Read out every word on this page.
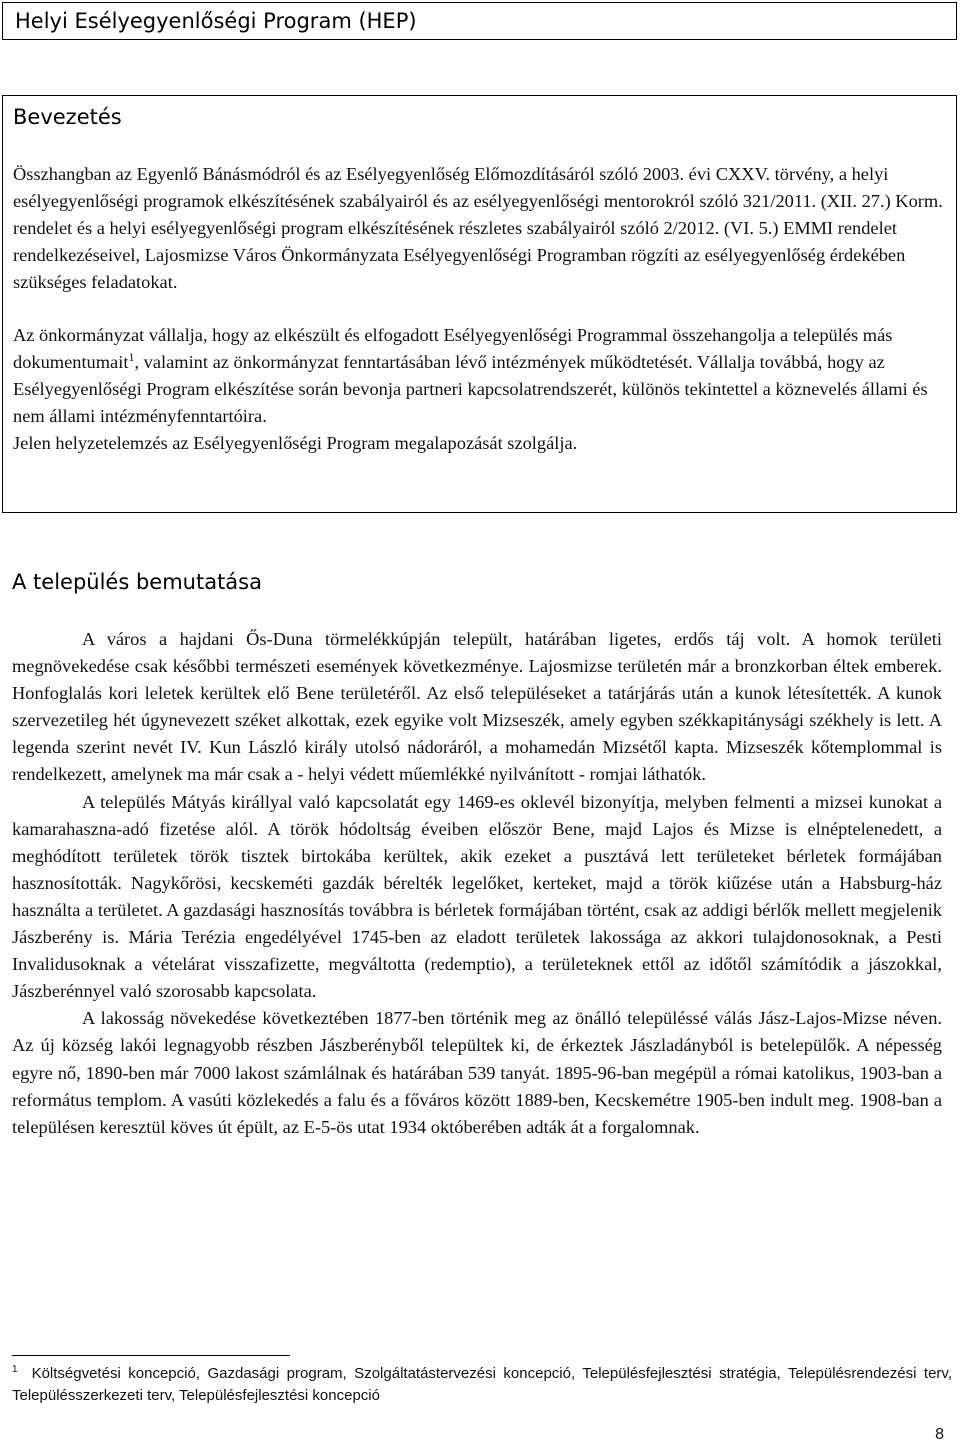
Helyi Esélyegyenlőségi Program (HEP)
Bevezetés

Összhangban az Egyenlő Bánásmódról és az Esélyegyenlőség Előmozdításáról szóló 2003. évi CXXV. törvény, a helyi esélyegyenlőségi programok elkészítésének szabályairól és az esélyegyenlőségi mentorokról szóló 321/2011. (XII. 27.) Korm. rendelet és a helyi esélyegyenlőségi program elkészítésének részletes szabályairól szóló 2/2012. (VI. 5.) EMMI rendelet rendelkezéseivel, Lajosmizse Város Önkormányzata Esélyegyenlőségi Programban rögzíti az esélyegyenlőség érdekében szükséges feladatokat.

Az önkormányzat vállalja, hogy az elkészült és elfogadott Esélyegyenlőségi Programmal összehangolja a település más dokumentumait$^1$, valamint az önkormányzat fenntartásában lévő intézmények működtetését. Vállalja továbbá, hogy az Esélyegyenlőségi Program elkészítése során bevonja partneri kapcsolatrendszerét, különös tekintettel a köznevelés állami és nem állami intézményfenntartóira.

Jelen helyzetelemzés az Esélyegyenlőségi Program megalapozását szolgálja.

A település bemutatása

A város a hajdani Ős-Duna törmelékkúpján települt, határában ligetes, erdős táj volt. A homok területi megnövekedése csak későbbi természeti események következménye. Lajosmizse területén már a bronzkorban éltek emberek. Honfoglalás kori leletek kerültek elő Bene területéről. Az első településeket a tatárjárás után a kunok létesítették. A kunok szervezetileg hét úgynevezett széket alkottak, ezek egyike volt Mizseszék, amely egyben székkapitánysági székhely is lett. A legenda szerint nevét IV. Kun László király utolsó nádoráról, a mohamedán Mizsétől kapta. Mizseszék kőtemplommal is rendelkezett, amelynek ma már csak a - helyi védett műemlékké nyilvánított - romjai láthatók.

A település Mátyás királlyal való kapcsolatát egy 1469-es oklevél bizonyítja, melyben felmenti a mizsei kunokat a kamarahaszna-adó fizetése alól. A török hódoltság éveiben először Bene, majd Lajos és Mizse is elnéptelenedett, a meghódított területek török tisztek birtokába kerültek, akik ezeket a pusztává lett területeket bérletek formájában hasznosították. Nagykőrösi, kecskeméti gazdák bérelték legelőket, kerteket, majd a török kiűzése után a Habsburg-ház használta a területet. A gazdasági hasznosítás továbbra is bérletek formájában történt, csak az addigi bérlők mellett megjelenik Jászberény is. Mária Terézia engedélyével 1745-ben az eladott területek lakossága az akkori tulajdonosoknak, a Pesti Invalidusoknak a vételárat visszafizette, megváltotta (redemptio), a területeknek ettől az időtől számítódik a jászokkal, Jászberénnyel való szorosabb kapcsolata.

A lakosság növekedése következtében 1877-ben történik meg az önálló településsé válás Jász-Lajos-Mizse néven. Az új község lakói legnagyobb részben Jászberényből települtek ki, de érkeztek Jászladányból is betelepülők. A népesség egyre nő, 1890-ben már 7000 lakost számlálnak és határában 539 tanyát. 1895-96-ban megépül a római katolikus, 1903-ban a református templom. A vasúti közlekedés a falu és a főváros között 1889-ben, Kecskemétre 1905-ben indult meg. 1908-ban a településen keresztül köves út épült, az E-5-ös utat 1934 októberében adták át a forgalomnak.

$^1$ Költségvetési koncepció, Gazdasági program, Szolgáltatástervezési koncepció, Településfejlesztési stratégia, Településrendezési terv, Településszerkezeti terv, Településfejlesztési koncepció
8
